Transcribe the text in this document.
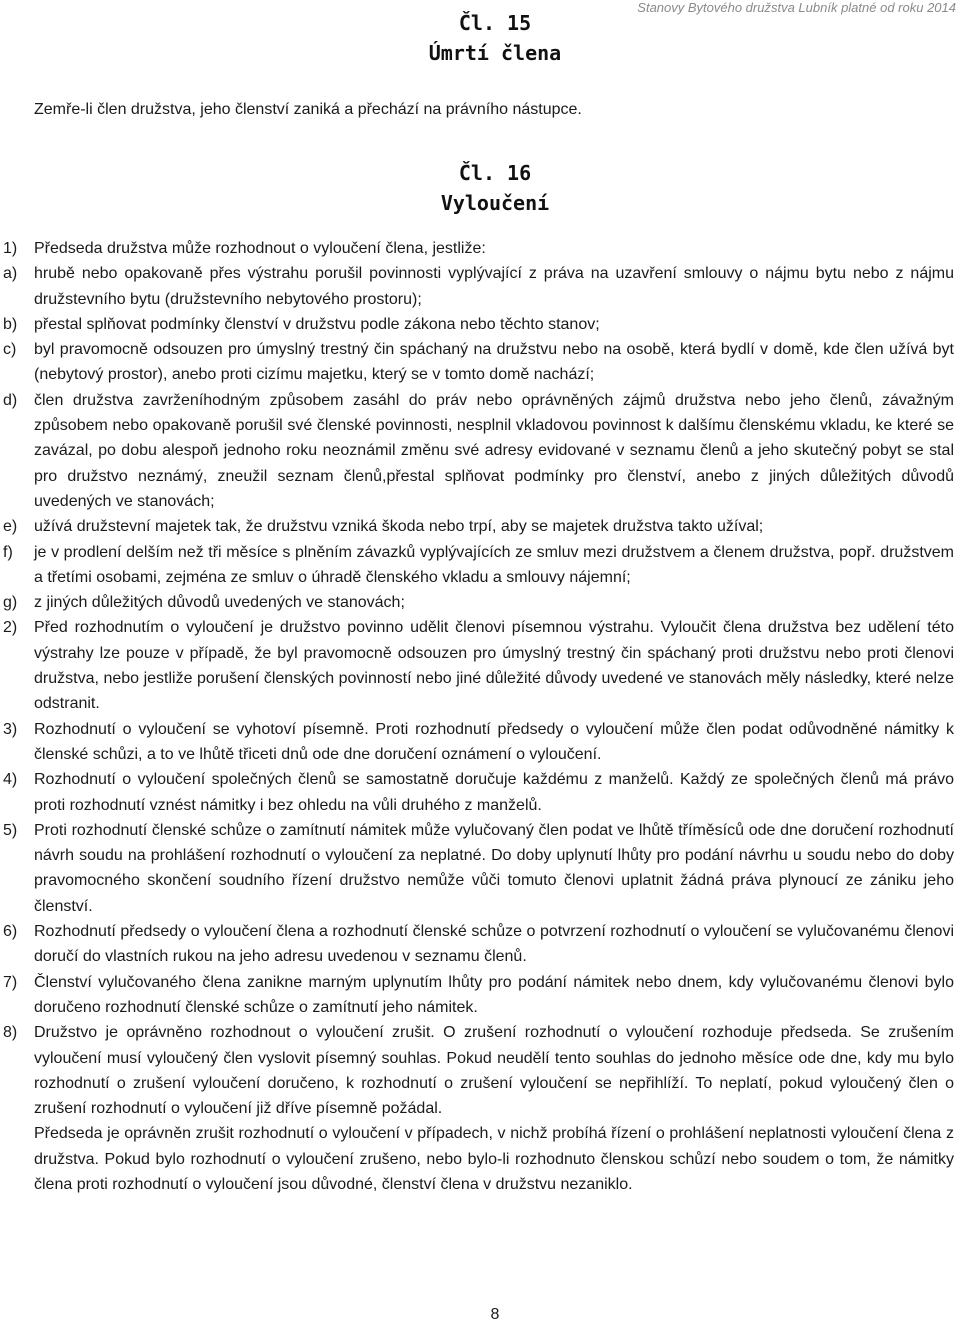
Stanovy Bytového družstva Lubník platné od roku 2014
Čl. 15
Úmrtí člena
Zemře-li člen družstva, jeho členství zaniká a přechází na právního nástupce.
Čl. 16
Vyloučení
1) Předseda družstva může rozhodnout o vyloučení člena, jestliže:
a) hrubě nebo opakovaně přes výstrahu porušil povinnosti vyplývající z práva na uzavření smlouvy o nájmu bytu nebo z nájmu družstevního bytu (družstevního nebytového prostoru);
b) přestal splňovat podmínky členství v družstvu podle zákona nebo těchto stanov;
c) byl pravomocně odsouzen pro úmyslný trestný čin spáchaný na družstvu nebo na osobě, která bydlí v domě, kde člen užívá byt (nebytový prostor), anebo proti cizímu majetku, který se v tomto domě nachází;
d) člen družstva zavrženíhodným způsobem zasáhl do práv nebo oprávněných zájmů družstva nebo jeho členů, závažným způsobem nebo opakovaně porušil své členské povinnosti, nesplnil vkladovou povinnost k dalšímu členskému vkladu, ke které se zavázal, po dobu alespoň jednoho roku neoznámil změnu své adresy evidované v seznamu členů a jeho skutečný pobyt se stal pro družstvo neznámý, zneužil seznam členů,přestal splňovat podmínky pro členství, anebo z jiných důležitých důvodů uvedených ve stanovách;
e) užívá družstevní majetek tak, že družstvu vzniká škoda nebo trpí, aby se majetek družstva takto užíval;
f) je v prodlení delším než tři měsíce s plněním závazků vyplývajících ze smluv mezi družstvem a členem družstva, popř. družstvem a třetími osobami, zejména ze smluv o úhradě členského vkladu a smlouvy nájemní;
g) z jiných důležitých důvodů uvedených ve stanovách;
2) Před rozhodnutím o vyloučení je družstvo povinno udělit členovi písemnou výstrahu. Vyloučit člena družstva bez udělení této výstrahy lze pouze v případě, že byl pravomocně odsouzen pro úmyslný trestný čin spáchaný proti družstvu nebo proti členovi družstva, nebo jestliže porušení členských povinností nebo jiné důležité důvody uvedené ve stanovách měly následky, které nelze odstranit.
3) Rozhodnutí o vyloučení se vyhotoví písemně. Proti rozhodnutí předsedy o vyloučení může člen podat odůvodněné námitky k členské schůzi, a to ve lhůtě třiceti dnů ode dne doručení oznámení o vyloučení.
4) Rozhodnutí o vyloučení společných členů se samostatně doručuje každému z manželů. Každý ze společných členů má právo proti rozhodnutí vznést námitky i bez ohledu na vůli druhého z manželů.
5) Proti rozhodnutí členské schůze o zamítnutí námitek může vylučovaný člen podat ve lhůtě tříměsíců ode dne doručení rozhodnutí návrh soudu na prohlášení rozhodnutí o vyloučení za neplatné. Do doby uplynutí lhůty pro podání návrhu u soudu nebo do doby pravomocného skončení soudního řízení družstvo nemůže vůči tomuto členovi uplatnit žádná práva plynoucí ze zániku jeho členství.
6) Rozhodnutí předsedy o vyloučení člena a rozhodnutí členské schůze o potvrzení rozhodnutí o vyloučení se vylučovanému členovi doručí do vlastních rukou na jeho adresu uvedenou v seznamu členů.
7) Členství vylučovaného člena zanikne marným uplynutím lhůty pro podání námitek nebo dnem, kdy vylučovanému členovi bylo doručeno rozhodnutí členské schůze o zamítnutí jeho námitek.
8) Družstvo je oprávněno rozhodnout o vyloučení zrušit. O zrušení rozhodnutí o vyloučení rozhoduje předseda. Se zrušením vyloučení musí vyloučený člen vyslovit písemný souhlas. Pokud neudělí tento souhlas do jednoho měsíce ode dne, kdy mu bylo rozhodnutí o zrušení vyloučení doručeno, k rozhodnutí o zrušení vyloučení se nepřihlíží. To neplatí, pokud vyloučený člen o zrušení rozhodnutí o vyloučení již dříve písemně požádal.
Předseda je oprávněn zrušit rozhodnutí o vyloučení v případech, v nichž probíhá řízení o prohlášení neplatnosti vyloučení člena z družstva. Pokud bylo rozhodnutí o vyloučení zrušeno, nebo bylo-li rozhodnuto členskou schůzí nebo soudem o tom, že námitky člena proti rozhodnutí o vyloučení jsou důvodné, členství člena v družstvu nezaniklo.
8
